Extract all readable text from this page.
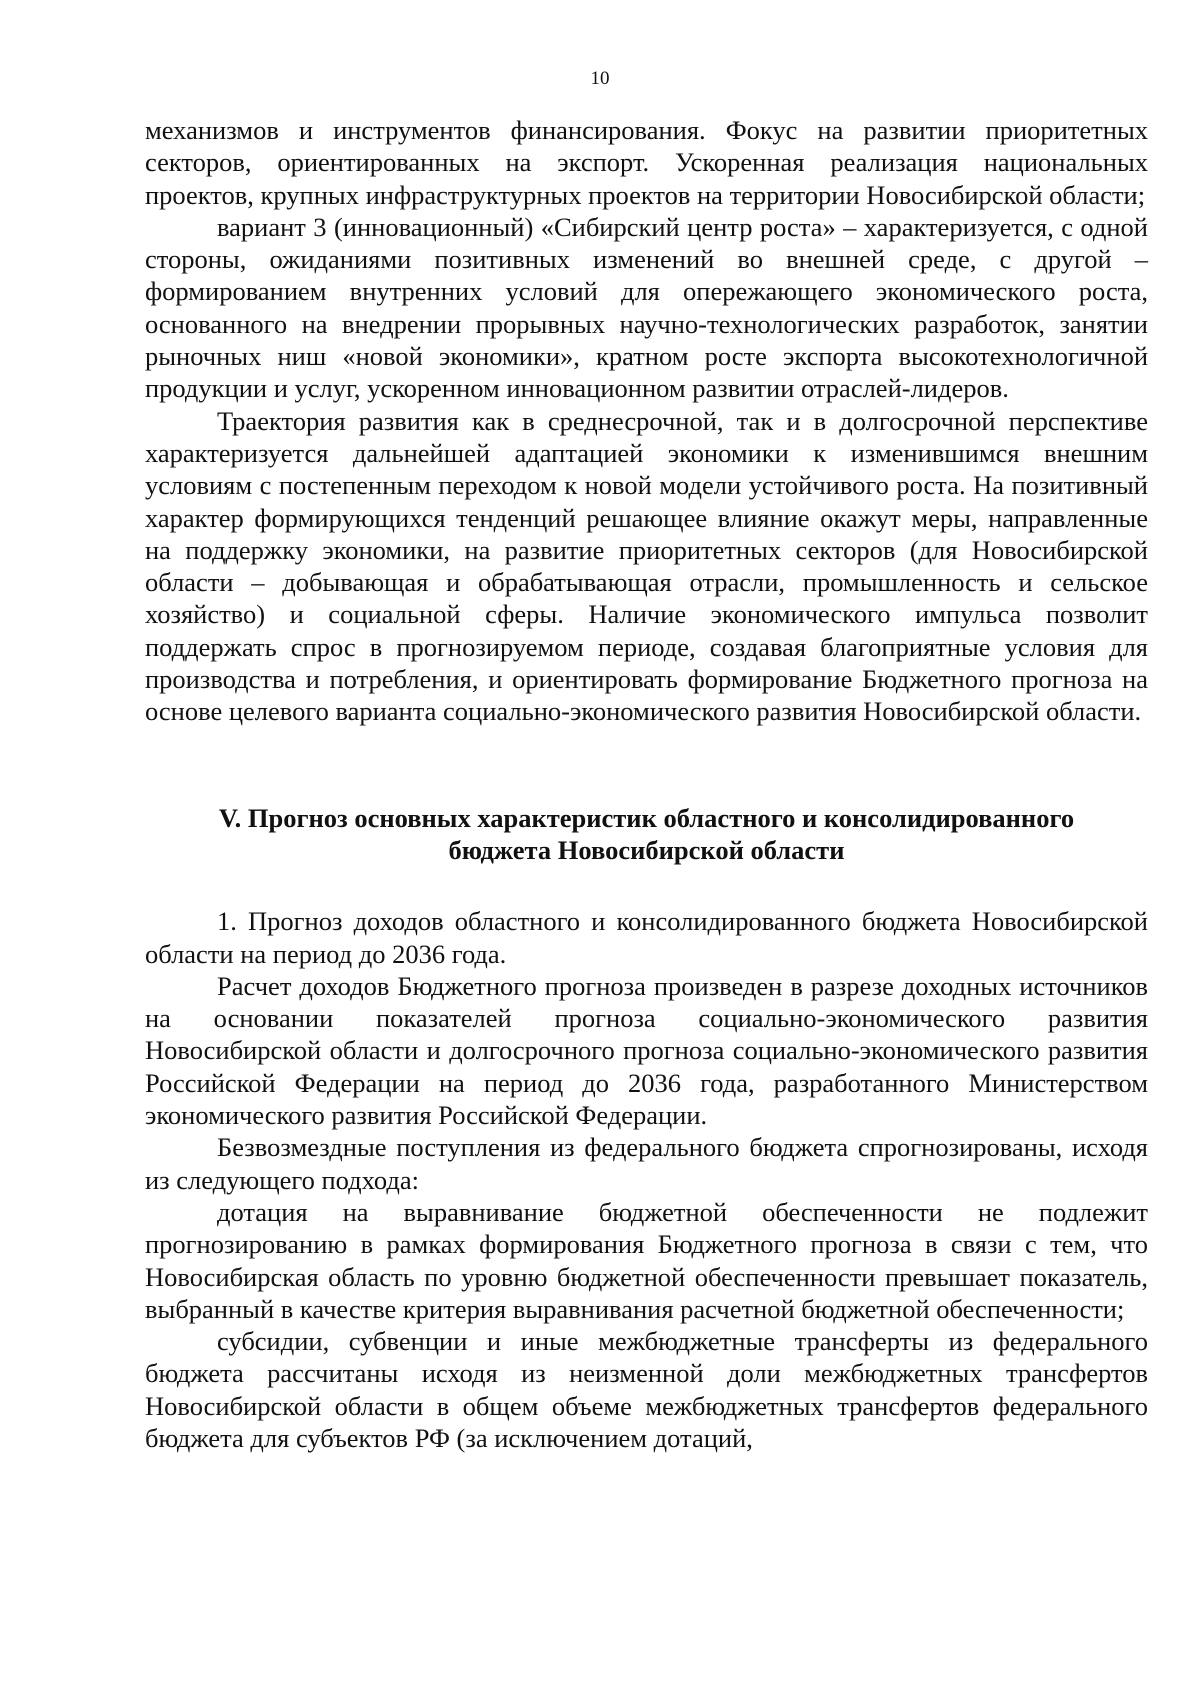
10

механизмов и инструментов финансирования. Фокус на развитии приоритетных секторов, ориентированных на экспорт. Ускоренная реализация национальных проектов, крупных инфраструктурных проектов на территории Новосибирской области;

вариант 3 (инновационный) «Сибирский центр роста» – характеризуется, с одной стороны, ожиданиями позитивных изменений во внешней среде, с другой – формированием внутренних условий для опережающего экономического роста, основанного на внедрении прорывных научно-технологических разработок, занятии рыночных ниш «новой экономики», кратном росте экспорта высокотехнологичной продукции и услуг, ускоренном инновационном развитии отраслей-лидеров.

Траектория развития как в среднесрочной, так и в долгосрочной перспективе характеризуется дальнейшей адаптацией экономики к изменившимся внешним условиям с постепенным переходом к новой модели устойчивого роста. На позитивный характер формирующихся тенденций решающее влияние окажут меры, направленные на поддержку экономики, на развитие приоритетных секторов (для Новосибирской области – добывающая и обрабатывающая отрасли, промышленность и сельское хозяйство) и социальной сферы. Наличие экономического импульса позволит поддержать спрос в прогнозируемом периоде, создавая благоприятные условия для производства и потребления, и ориентировать формирование Бюджетного прогноза на основе целевого варианта социально-экономического развития Новосибирской области.

V. Прогноз основных характеристик областного и консолидированного бюджета Новосибирской области

1. Прогноз доходов областного и консолидированного бюджета Новосибирской области на период до 2036 года.

Расчет доходов Бюджетного прогноза произведен в разрезе доходных источников на основании показателей прогноза социально-экономического развития Новосибирской области и долгосрочного прогноза социально-экономического развития Российской Федерации на период до 2036 года, разработанного Министерством экономического развития Российской Федерации.

Безвозмездные поступления из федерального бюджета спрогнозированы, исходя из следующего подхода:

дотация на выравнивание бюджетной обеспеченности не подлежит прогнозированию в рамках формирования Бюджетного прогноза в связи с тем, что Новосибирская область по уровню бюджетной обеспеченности превышает показатель, выбранный в качестве критерия выравнивания расчетной бюджетной обеспеченности;

субсидии, субвенции и иные межбюджетные трансферты из федерального бюджета рассчитаны исходя из неизменной доли межбюджетных трансфертов Новосибирской области в общем объеме межбюджетных трансфертов федерального бюджета для субъектов РФ (за исключением дотаций,
